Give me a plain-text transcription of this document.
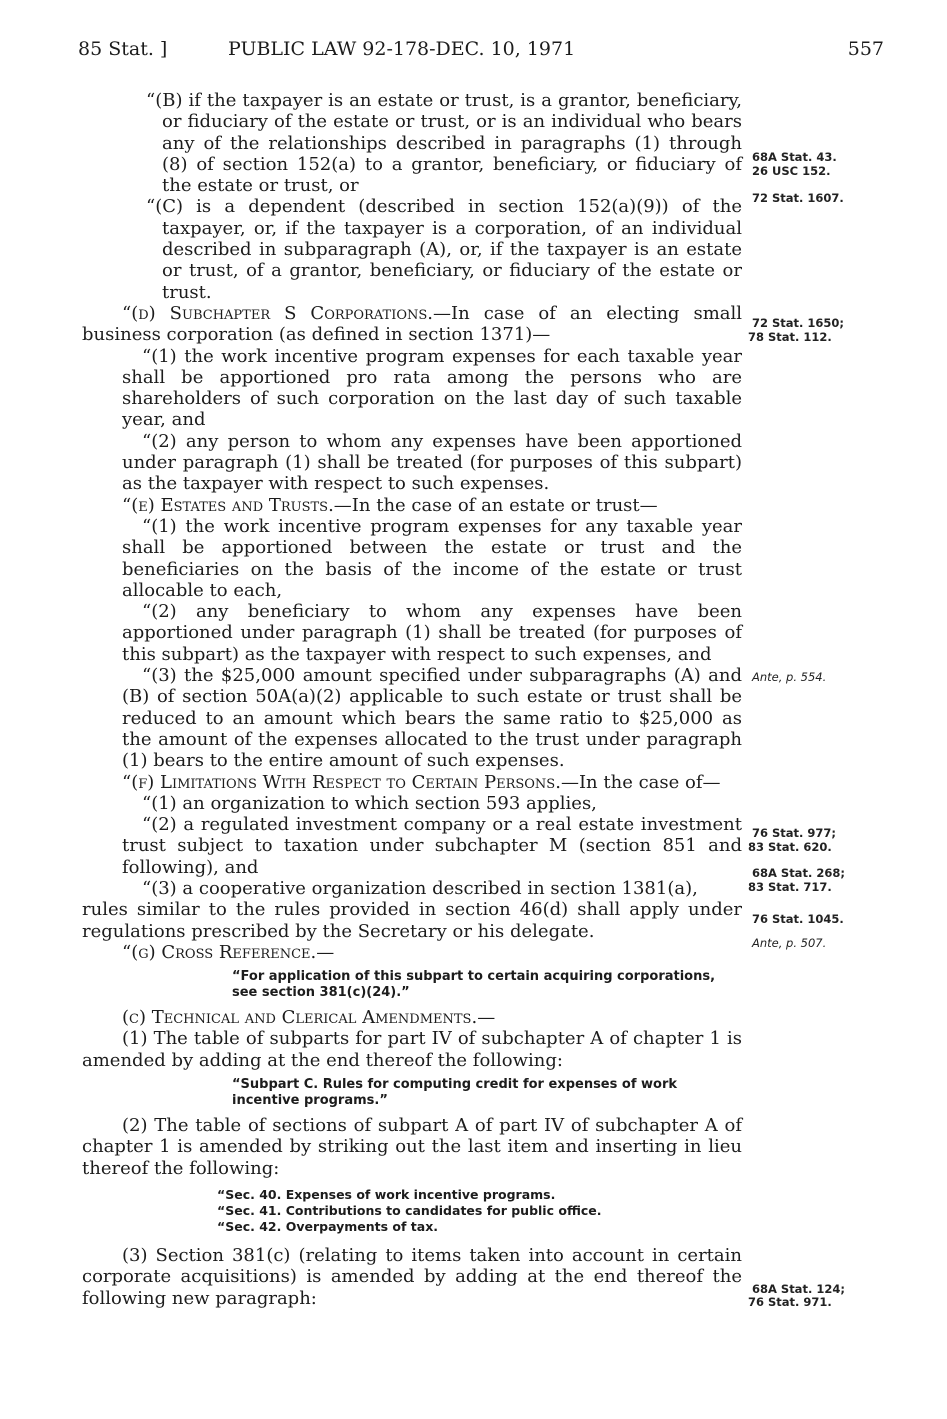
85 Stat. ]	PUBLIC LAW 92-178-DEC. 10, 1971	557

“(B) if the taxpayer is an estate or trust, is a grantor, beneficiary, or fiduciary of the estate or trust, or is an individual who bears any of the relationships described in paragraphs (1) through (8) of section 152(a) to a grantor, beneficiary, or fiduciary of the estate or trust, or

“(C) is a dependent (described in section 152(a)(9)) of the taxpayer, or, if the taxpayer is a corporation, of an individual described in subparagraph (A), or, if the taxpayer is an estate or trust, of a grantor, beneficiary, or fiduciary of the estate or trust.

“(d) Subchapter S Corporations.—In case of an electing small business corporation (as defined in section 1371)—

“(1) the work incentive program expenses for each taxable year shall be apportioned pro rata among the persons who are shareholders of such corporation on the last day of such taxable year, and

“(2) any person to whom any expenses have been apportioned under paragraph (1) shall be treated (for purposes of this subpart) as the taxpayer with respect to such expenses.

“(e) Estates and Trusts.—In the case of an estate or trust—

“(1) the work incentive program expenses for any taxable year shall be apportioned between the estate or trust and the beneficiaries on the basis of the income of the estate or trust allocable to each,

“(2) any beneficiary to whom any expenses have been apportioned under paragraph (1) shall be treated (for purposes of this subpart) as the taxpayer with respect to such expenses, and

“(3) the $25,000 amount specified under subparagraphs (A) and (B) of section 50A(a)(2) applicable to such estate or trust shall be reduced to an amount which bears the same ratio to $25,000 as the amount of the expenses allocated to the trust under paragraph (1) bears to the entire amount of such expenses.

“(f) Limitations With Respect to Certain Persons.—In the case of—

“(1) an organization to which section 593 applies,

“(2) a regulated investment company or a real estate investment trust subject to taxation under subchapter M (section 851 and following), and

“(3) a cooperative organization described in section 1381(a),

rules similar to the rules provided in section 46(d) shall apply under regulations prescribed by the Secretary or his delegate.

“(g) Cross Reference.—

“For application of this subpart to certain acquiring corporations, see section 381(c)(24).”

(c) Technical and Clerical Amendments.—

(1) The table of subparts for part IV of subchapter A of chapter 1 is amended by adding at the end thereof the following:

“Subpart C. Rules for computing credit for expenses of work incentive programs.”

(2) The table of sections of subpart A of part IV of subchapter A of chapter 1 is amended by striking out the last item and inserting in lieu thereof the following:

“Sec. 40. Expenses of work incentive programs.
“Sec. 41. Contributions to candidates for public office.
“Sec. 42. Overpayments of tax.

(3) Section 381(c) (relating to items taken into account in certain corporate acquisitions) is amended by adding at the end thereof the following new paragraph:

68A Stat. 43.
26 USC 152.
72 Stat. 1607.
72 Stat. 1650;
78 Stat. 112.
Ante, p. 554.
76 Stat. 977;
83 Stat. 620.
68A Stat. 268;
83 Stat. 717.
76 Stat. 1045.
Ante, p. 507.
68A Stat. 124;
76 Stat. 971.
